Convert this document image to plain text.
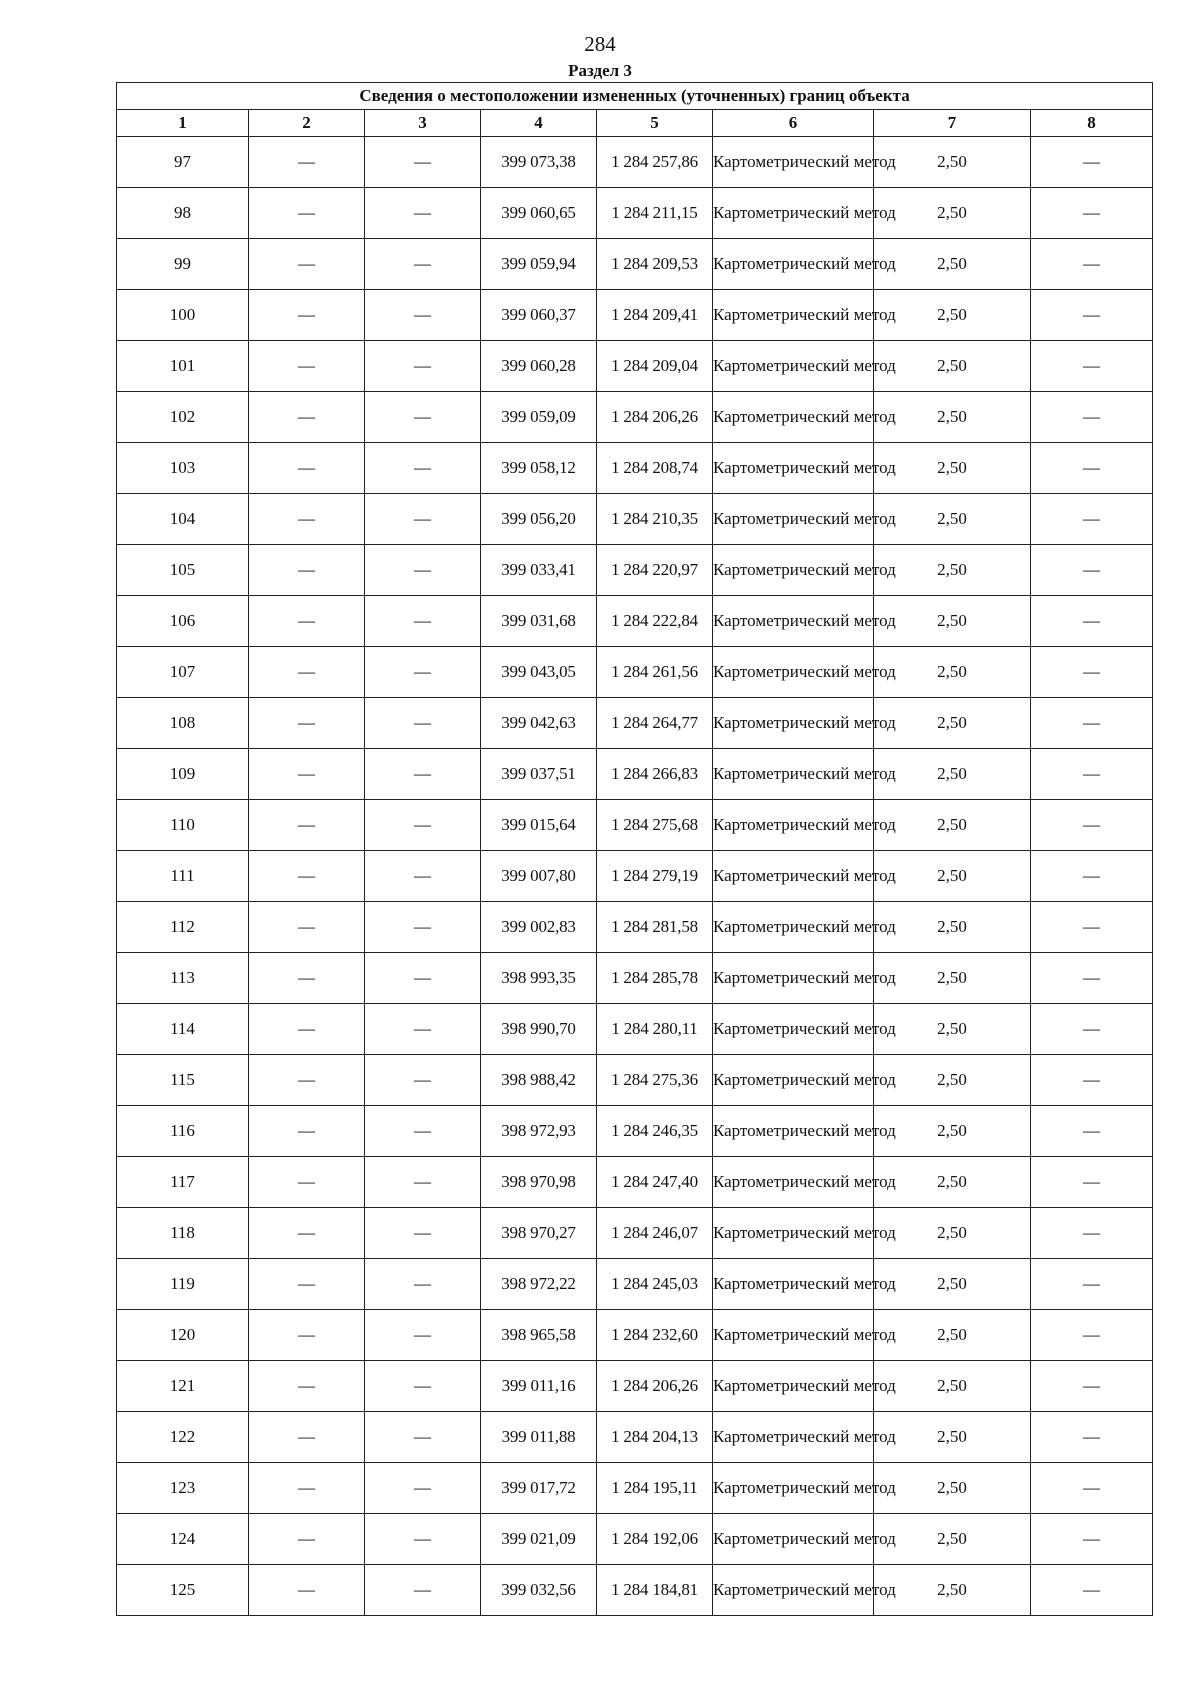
284
Раздел 3
Сведения о местоположении измененных (уточненных) границ объекта							
1	2	3	4	5	6	7	8
97	—	—	399 073,38	1 284 257,86	Картометрический метод	2,50	—
98	—	—	399 060,65	1 284 211,15	Картометрический метод	2,50	—
99	—	—	399 059,94	1 284 209,53	Картометрический метод	2,50	—
100	—	—	399 060,37	1 284 209,41	Картометрический метод	2,50	—
101	—	—	399 060,28	1 284 209,04	Картометрический метод	2,50	—
102	—	—	399 059,09	1 284 206,26	Картометрический метод	2,50	—
103	—	—	399 058,12	1 284 208,74	Картометрический метод	2,50	—
104	—	—	399 056,20	1 284 210,35	Картометрический метод	2,50	—
105	—	—	399 033,41	1 284 220,97	Картометрический метод	2,50	—
106	—	—	399 031,68	1 284 222,84	Картометрический метод	2,50	—
107	—	—	399 043,05	1 284 261,56	Картометрический метод	2,50	—
108	—	—	399 042,63	1 284 264,77	Картометрический метод	2,50	—
109	—	—	399 037,51	1 284 266,83	Картометрический метод	2,50	—
110	—	—	399 015,64	1 284 275,68	Картометрический метод	2,50	—
111	—	—	399 007,80	1 284 279,19	Картометрический метод	2,50	—
112	—	—	399 002,83	1 284 281,58	Картометрический метод	2,50	—
113	—	—	398 993,35	1 284 285,78	Картометрический метод	2,50	—
114	—	—	398 990,70	1 284 280,11	Картометрический метод	2,50	—
115	—	—	398 988,42	1 284 275,36	Картометрический метод	2,50	—
116	—	—	398 972,93	1 284 246,35	Картометрический метод	2,50	—
117	—	—	398 970,98	1 284 247,40	Картометрический метод	2,50	—
118	—	—	398 970,27	1 284 246,07	Картометрический метод	2,50	—
119	—	—	398 972,22	1 284 245,03	Картометрический метод	2,50	—
120	—	—	398 965,58	1 284 232,60	Картометрический метод	2,50	—
121	—	—	399 011,16	1 284 206,26	Картометрический метод	2,50	—
122	—	—	399 011,88	1 284 204,13	Картометрический метод	2,50	—
123	—	—	399 017,72	1 284 195,11	Картометрический метод	2,50	—
124	—	—	399 021,09	1 284 192,06	Картометрический метод	2,50	—
125	—	—	399 032,56	1 284 184,81	Картометрический метод	2,50	—
